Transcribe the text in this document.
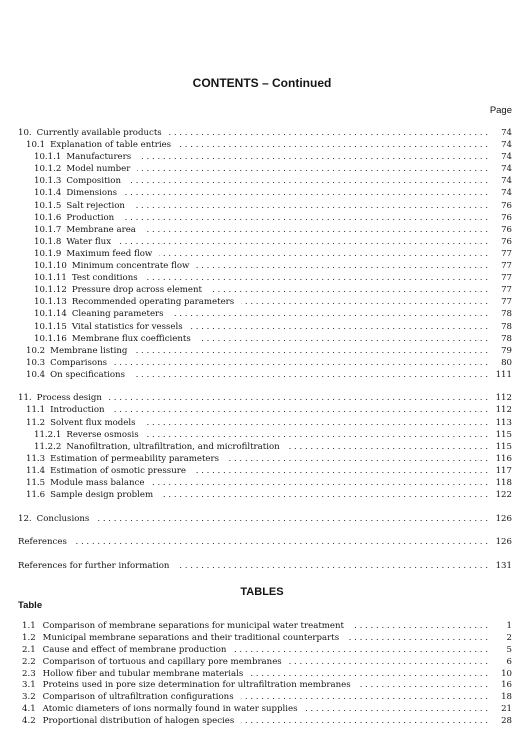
CONTENTS – Continued
Page
10. Currently available products . . .	74
10.1 Explanation of table entries . . .	74
10.1.1 Manufacturers . . .	74
10.1.2 Model number . . .	74
10.1.3 Composition . . .	74
10.1.4 Dimensions . . .	74
10.1.5 Salt rejection . . .	76
10.1.6 Production . . .	76
10.1.7 Membrane area . . .	76
10.1.8 Water flux . . .	76
10.1.9 Maximum feed flow . . .	77
10.1.10 Minimum concentrate flow . . .	77
10.1.11 Test conditions . . .	77
10.1.12 Pressure drop across element . . .	77
10.1.13 Recommended operating parameters . . .	77
10.1.14 Cleaning parameters . . .	78
10.1.15 Vital statistics for vessels . . .	78
10.1.16 Membrane flux coefficients . . .	78
10.2 Membrane listing . . .	79
10.3 Comparisons . . .	80
10.4 On specifications . . .	111
11. Process design . . .	112
11.1 Introduction . . .	112
11.2 Solvent flux models . . .	113
11.2.1 Reverse osmosis . . .	115
11.2.2 Nanofiltration, ultrafiltration, and microfiltration . . .	115
11.3 Estimation of permeability parameters . . .	116
11.4 Estimation of osmotic pressure . . .	117
11.5 Module mass balance . . .	118
11.6 Sample design problem . . .	122
12. Conclusions . . .	126
References . . .	126
References for further information . . .	131
TABLES
Table
1.1 Comparison of membrane separations for municipal water treatment . . .	1
1.2 Municipal membrane separations and their traditional counterparts . . .	2
2.1 Cause and effect of membrane production . . .	5
2.2 Comparison of tortuous and capillary pore membranes . . .	6
2.3 Hollow fiber and tubular membrane materials . . .	10
3.1 Proteins used in pore size determination for ultrafiltration membranes . . .	16
3.2 Comparison of ultrafiltration configurations . . .	18
4.1 Atomic diameters of ions normally found in water supplies . . .	21
4.2 Proportional distribution of halogen species . . .	28
